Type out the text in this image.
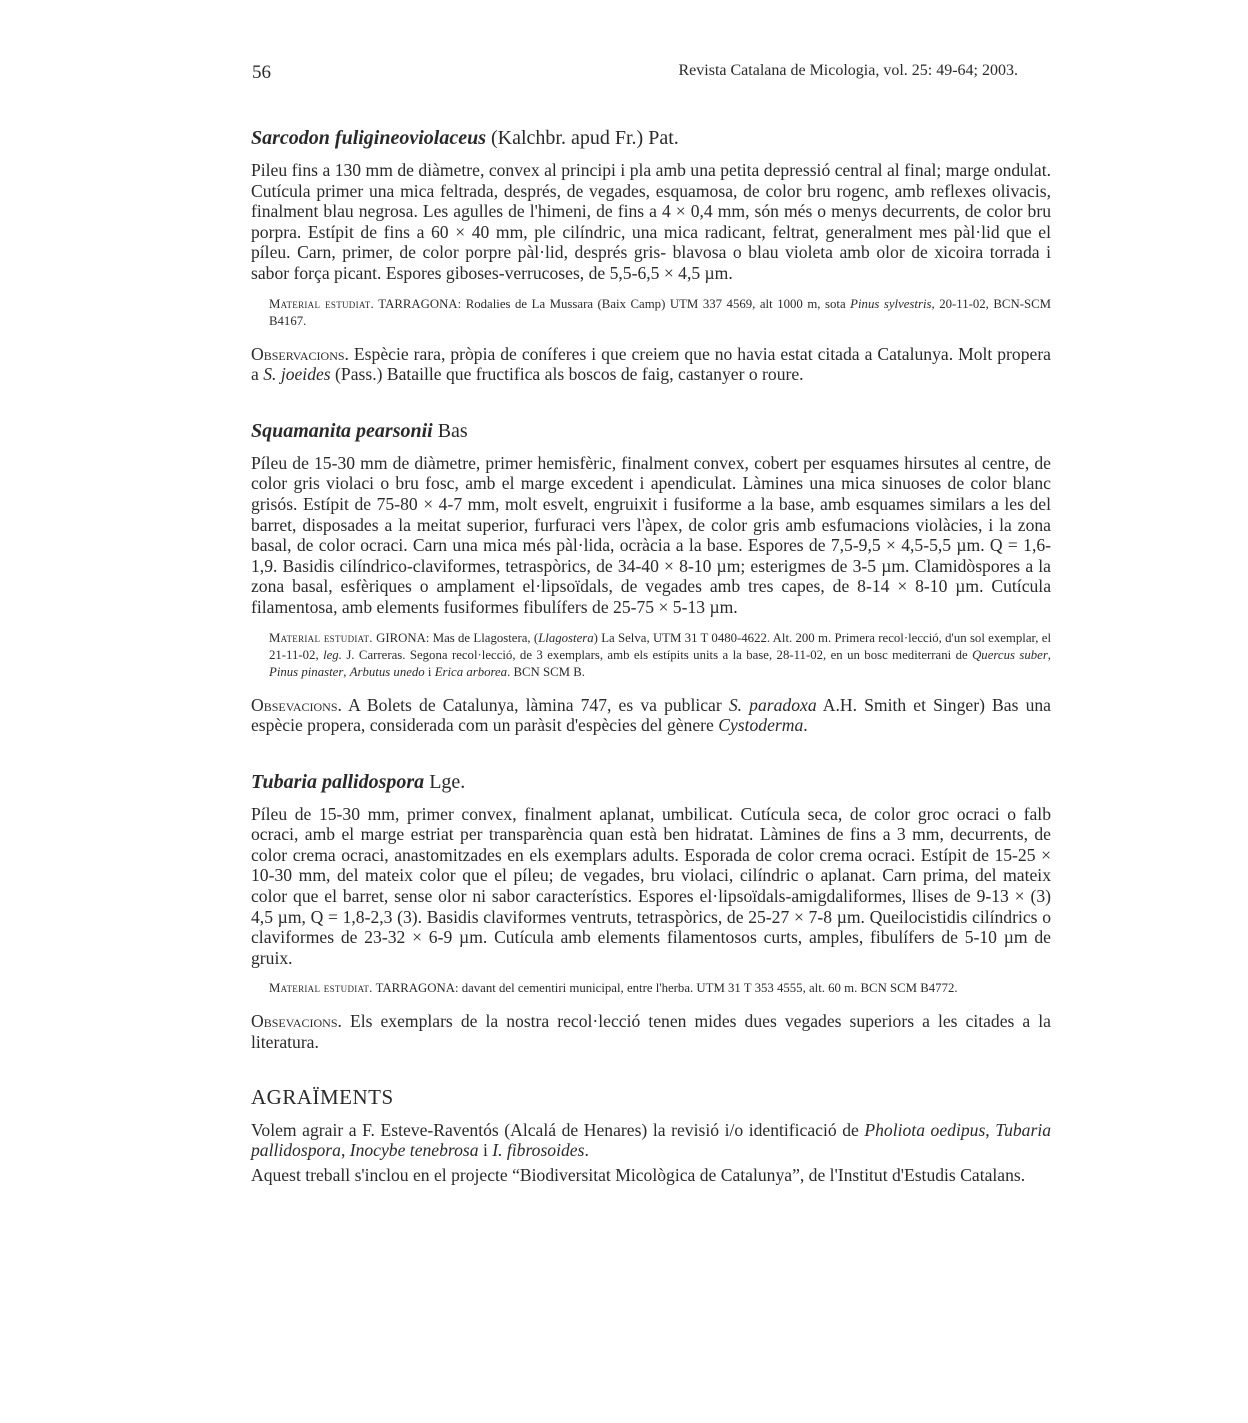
56	Revista Catalana de Micologia, vol. 25: 49-64; 2003.
Sarcodon fuligineoviolaceus (Kalchbr. apud Fr.) Pat.

Pileu fins a 130 mm de diàmetre, convex al principi i pla amb una petita depressió central al final; marge ondulat. Cutícula primer una mica feltrada, després, de vegades, esquamosa, de color bru rogenc, amb reflexes olivacis, finalment blau negrosa. Les agulles de l'himeni, de fins a 4 × 0,4 mm, són més o menys decurrents, de color bru porpra. Estípit de fins a 60 × 40 mm, ple cilíndric, una mica radicant, feltrat, generalment mes pàl·lid que el píleu. Carn, primer, de color porpre pàl·lid, després gris- blavosa o blau violeta amb olor de xicoira torrada i sabor força picant. Espores giboses-verrucoses, de 5,5-6,5 × 4,5 µm.

Material estudiat. TARRAGONA: Rodalies de La Mussara (Baix Camp) UTM 337 4569, alt 1000 m, sota Pinus sylvestris, 20-11-02, BCN-SCM B4167.

Observacions. Espècie rara, pròpia de coníferes i que creiem que no havia estat citada a Catalunya. Molt propera a S. joeides (Pass.) Bataille que fructifica als boscos de faig, castanyer o roure.

Squamanita pearsonii Bas

Píleu de 15-30 mm de diàmetre, primer hemisfèric, finalment convex, cobert per esquames hirsutes al centre, de color gris violaci o bru fosc, amb el marge excedent i apendiculat. Làmines una mica sinuoses de color blanc grisós. Estípit de 75-80 × 4-7 mm, molt esvelt, engruixit i fusiforme a la base, amb esquames similars a les del barret, disposades a la meitat superior, furfuraci vers l'àpex, de color gris amb esfumacions violàcies, i la zona basal, de color ocraci. Carn una mica més pàl·lida, ocràcia a la base. Espores de 7,5-9,5 × 4,5-5,5 µm. Q = 1,6-1,9. Basidis cilíndrico-claviformes, tetraspòrics, de 34-40 × 8-10 µm; esterigmes de 3-5 µm. Clamidòspores a la zona basal, esfèriques o amplament el·lipsoïdals, de vegades amb tres capes, de 8-14 × 8-10 µm. Cutícula filamentosa, amb elements fusiformes fibulífers de 25-75 × 5-13 µm.

Material estudiat. GIRONA: Mas de Llagostera, (Llagostera) La Selva, UTM 31 T 0480-4622. Alt. 200 m. Primera recol·lecció, d'un sol exemplar, el 21-11-02, leg. J. Carreras. Segona recol·lecció, de 3 exemplars, amb els estípits units a la base, 28-11-02, en un bosc mediterrani de Quercus suber, Pinus pinaster, Arbutus unedo i Erica arborea. BCN SCM B.

Obsevacions. A Bolets de Catalunya, làmina 747, es va publicar S. paradoxa A.H. Smith et Singer) Bas una espècie propera, considerada com un paràsit d'espècies del gènere Cystoderma.

Tubaria pallidospora Lge.

Píleu de 15-30 mm, primer convex, finalment aplanat, umbilicat. Cutícula seca, de color groc ocraci o falb ocraci, amb el marge estriat per transparència quan està ben hidratat. Làmines de fins a 3 mm, decurrents, de color crema ocraci, anastomitzades en els exemplars adults. Esporada de color crema ocraci. Estípit de 15-25 × 10-30 mm, del mateix color que el píleu; de vegades, bru violaci, cilíndric o aplanat. Carn prima, del mateix color que el barret, sense olor ni sabor característics. Espores el·lipsoïdals-amigdaliformes, llises de 9-13 × (3) 4,5 µm, Q = 1,8-2,3 (3). Basidis claviformes ventruts, tetraspòrics, de 25-27 × 7-8 µm. Queilocistidis cilíndrics o claviformes de 23-32 × 6-9 µm. Cutícula amb elements filamentosos curts, amples, fibulífers de 5-10 µm de gruix.

Material estudiat. TARRAGONA: davant del cementiri municipal, entre l'herba. UTM 31 T 353 4555, alt. 60 m. BCN SCM B4772.

Obsevacions. Els exemplars de la nostra recol·lecció tenen mides dues vegades superiors a les citades a la literatura.

AGRAÏMENTS

Volem agrair a F. Esteve-Raventós (Alcalá de Henares) la revisió i/o identificació de Pholiota oedipus, Tubaria pallidospora, Inocybe tenebrosa i I. fibrosoides.

Aquest treball s'inclou en el projecte “Biodiversitat Micològica de Catalunya”, de l'Institut d'Estudis Catalans.
